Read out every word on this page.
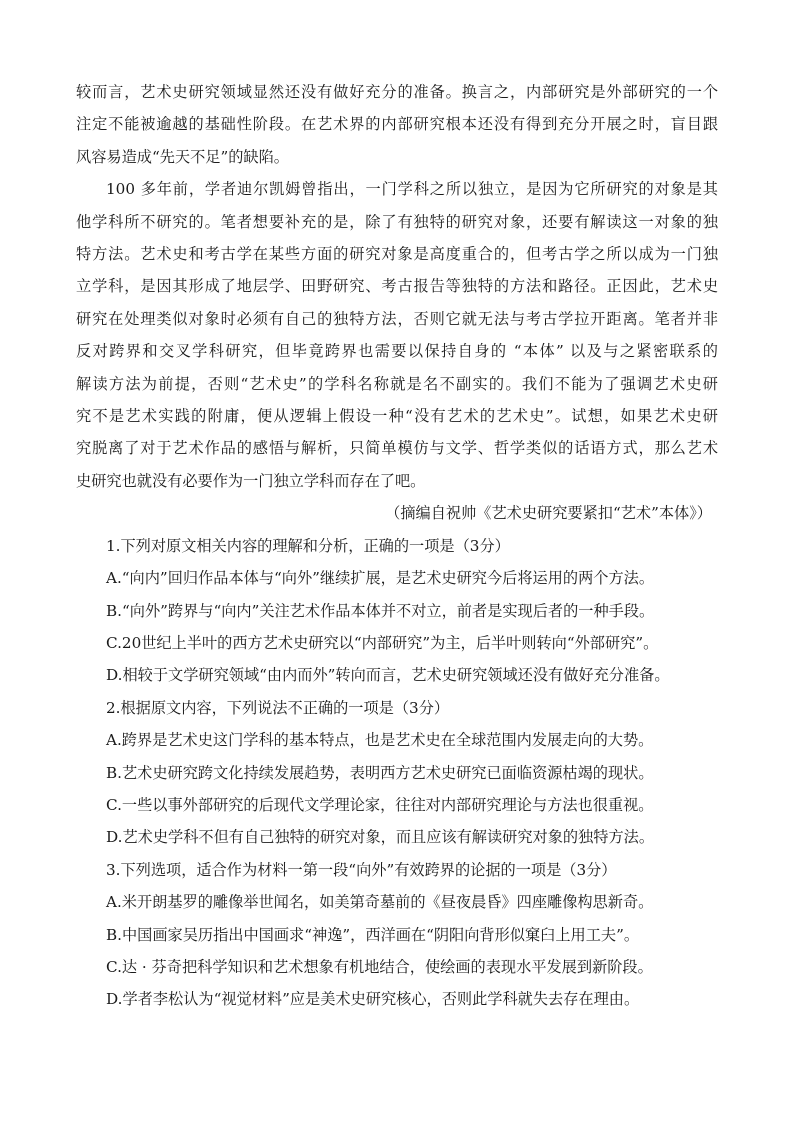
较而言，艺术史研究领域显然还没有做好充分的准备。换言之，内部研究是外部研究的一个

注定不能被逾越的基础性阶段。在艺术界的内部研究根本还没有得到充分开展之时，盲目跟

风容易造成“先天不足”的缺陷。

100 多年前，学者迪尔凯姆曾指出，一门学科之所以独立，是因为它所研究的对象是其

他学科所不研究的。笔者想要补充的是，除了有独特的研究对象，还要有解读这一对象的独

特方法。艺术史和考古学在某些方面的研究对象是高度重合的，但考古学之所以成为一门独

立学科，是因其形成了地层学、田野研究、考古报告等独特的方法和路径。正因此，艺术史

研究在处理类似对象时必须有自己的独特方法，否则它就无法与考古学拉开距离。笔者并非

反对跨界和交叉学科研究，但毕竟跨界也需要以保持自身的 “本体” 以及与之紧密联系的

解读方法为前提，否则“艺术史”的学科名称就是名不副实的。我们不能为了强调艺术史研

究不是艺术实践的附庸，便从逻辑上假设一种“没有艺术的艺术史”。试想，如果艺术史研

究脱离了对于艺术作品的感悟与解析，只简单模仿与文学、哲学类似的话语方式，那么艺术

史研究也就没有必要作为一门独立学科而存在了吧。

（摘编自祝帅《艺术史研究要紧扣“艺术”本体》）

1.下列对原文相关内容的理解和分析，正确的一项是（3分）

A.“向内”回归作品本体与“向外”继续扩展，是艺术史研究今后将运用的两个方法。

B.“向外”跨界与“向内”关注艺术作品本体并不对立，前者是实现后者的一种手段。

C.20世纪上半叶的西方艺术史研究以“内部研究”为主，后半叶则转向“外部研究”。

D.相较于文学研究领域“由内而外”转向而言，艺术史研究领域还没有做好充分准备。

2.根据原文内容，下列说法不正确的一项是（3分）

A.跨界是艺术史这门学科的基本特点，也是艺术史在全球范围内发展走向的大势。

B.艺术史研究跨文化持续发展趋势，表明西方艺术史研究已面临资源枯竭的现状。

C.一些以事外部研究的后现代文学理论家，往往对内部研究理论与方法也很重视。

D.艺术史学科不但有自己独特的研究对象，而且应该有解读研究对象的独特方法。

3.下列选项，适合作为材料一第一段“向外”有效跨界的论据的一项是（3分）

A.米开朗基罗的雕像举世闻名，如美第奇墓前的《昼夜晨昏》四座雕像构思新奇。

B.中国画家吴历指出中国画求“神逸”，西洋画在“阴阳向背形似窠臼上用工夫”。

C.达 · 芬奇把科学知识和艺术想象有机地结合，使绘画的表现水平发展到新阶段。

D.学者李松认为“视觉材料”应是美术史研究核心，否则此学科就失去存在理由。
